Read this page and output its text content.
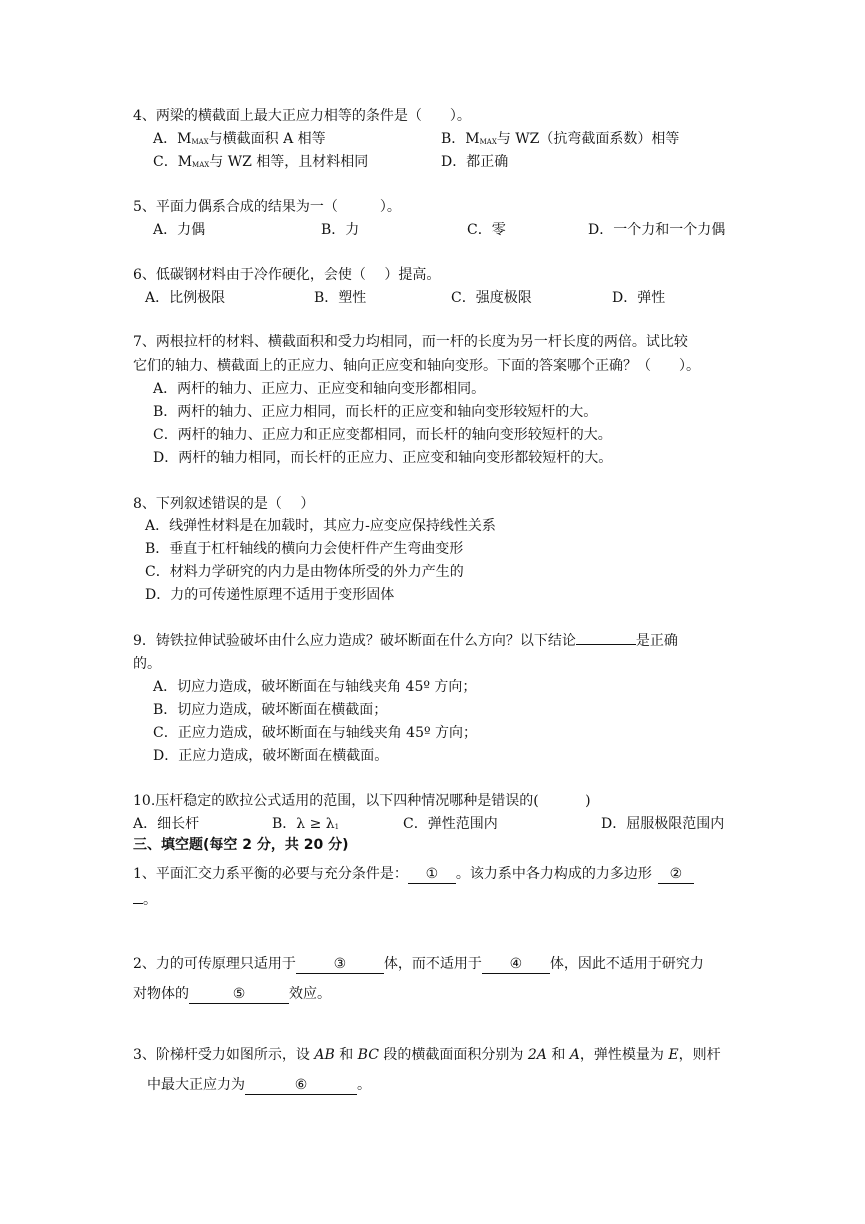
4、两梁的横截面上最大正应力相等的条件是（　　）。
A．MMAX与横截面积 A 相等	B．MMAX与 WZ（抗弯截面系数）相等
C．MMAX与 WZ 相等，且材料相同	D．都正确
5、平面力偶系合成的结果为一（　　　）。
A．力偶	B．力	C．零	D．一个力和一个力偶
6、低碳钢材料由于冷作硬化，会使（　 ）提高。
A．比例极限	B．塑性	C．强度极限	D．弹性
7、两根拉杆的材料、横截面积和受力均相同，而一杆的长度为另一杆长度的两倍。试比较
它们的轴力、横截面上的正应力、轴向正应变和轴向变形。下面的答案哪个正确？（　　）。
A．两杆的轴力、正应力、正应变和轴向变形都相同。
B．两杆的轴力、正应力相同，而长杆的正应变和轴向变形较短杆的大。
C．两杆的轴力、正应力和正应变都相同，而长杆的轴向变形较短杆的大。
D．两杆的轴力相同，而长杆的正应力、正应变和轴向变形都较短杆的大。
8、下列叙述错误的是（　 ）
A．线弹性材料是在加载时，其应力-应变应保持线性关系
B．垂直于杠杆轴线的横向力会使杆件产生弯曲变形
C．材料力学研究的内力是由物体所受的外力产生的
D．力的可传递性原理不适用于变形固体
9．铸铁拉伸试验破坏由什么应力造成？破坏断面在什么方向？以下结论	是正确
的。
A．切应力造成，破坏断面在与轴线夹角 45º 方向；
B．切应力造成，破坏断面在横截面；
C．正应力造成，破坏断面在与轴线夹角 45º 方向；
D．正应力造成，破坏断面在横截面。
10.压杆稳定的欧拉公式适用的范围，以下四种情况哪种是错误的(　　　 )
A．细长杆	B．λ ≥ λ1	C．弹性范围内	D．屈服极限范围内
三、填空题(每空 2 分，共 20 分)
1、平面汇交力系平衡的必要与充分条件是： ① 。该力系中各力构成的力多边形 ②
。
2、力的可传原理只适用于	③	体，而不适用于 ④ 体，因此不适用于研究力
对物体的	⑤	效应。
3、阶梯杆受力如图所示，设 AB 和 BC 段的横截面面积分别为 2A 和 A，弹性模量为 E，则杆
中最大正应力为	⑥	。
